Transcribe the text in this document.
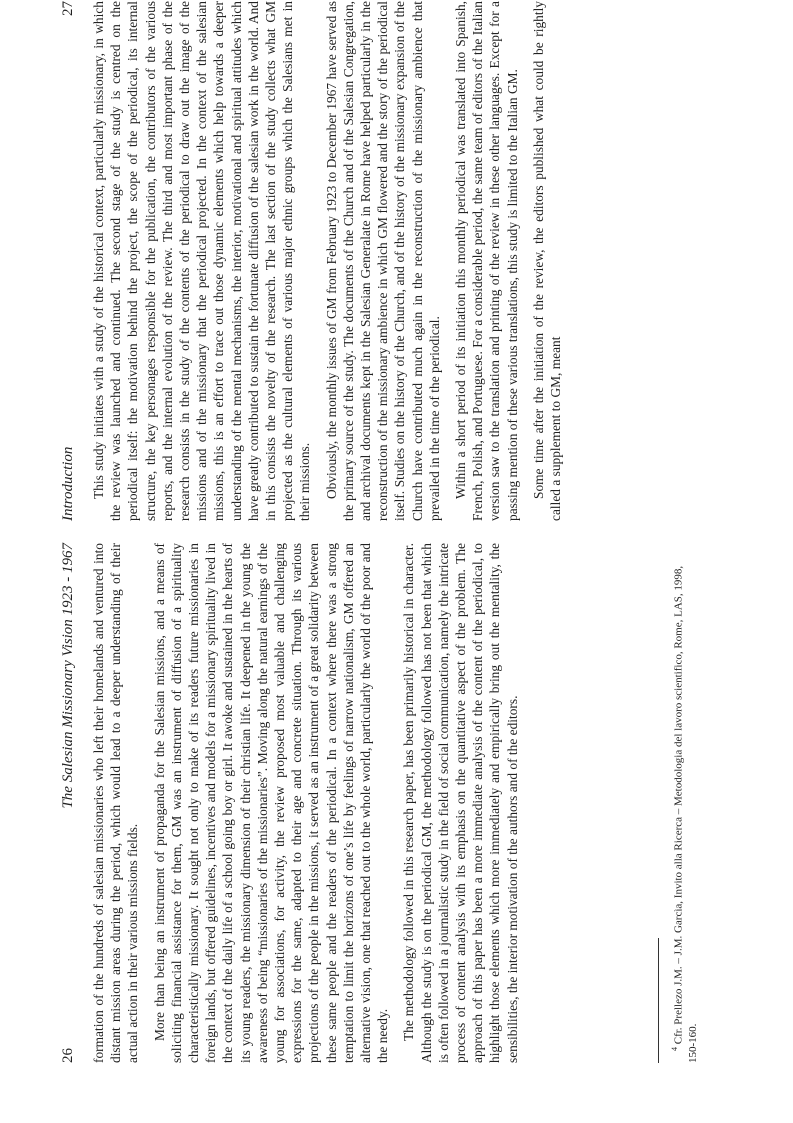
Introduction
27 This study initiates with a study of the historical context, particularly missionary, in which the review was launched and continued. The second stage of the study is centred on the periodical itself: the motivation behind the project, the scope of the periodical, its internal structure, the key personages responsible for the publication, the contributors of the various reports, and the internal evolution of the review. The third and most important phase of the research consists in the study of the contents of the periodical to draw out the image of the missions and of the missionary that the periodical projected. In the context of the salesian missions, this is an effort to trace out those dynamic elements which help towards a deeper understanding of the mental mechanisms, the interior, motivational and spiritual attitudes which have greatly contributed to sustain the fortunate diffusion of the salesian work in the world. And in this consists the novelty of the research. The last section of the study collects what GM projected as the cultural elements of various major ethnic groups which the Salesians met in their missions. Obviously, the monthly issues of GM from February 1923 to December 1967 have served as the primary source of the study. The documents of the Church and of the Salesian Congregation, and archival documents kept in the Salesian Generalate in Rome have helped particularly in the reconstruction of the missionary ambience in which GM flowered and the story of the periodical itself. Studies on the history of the Church, and of the history of the missionary expansion of the Church have contributed much again in the reconstruction of the missionary ambience that prevailed in the time of the periodical. Within a short period of its initiation this monthly periodical was translated into Spanish, French, Polish, and Portuguese. For a considerable period, the same team of editors of the Italian version saw to the translation and printing of the review in these other languages. Except for a passing mention of these various translations, this study is limited to the Italian GM. Some time after the initiation of the review, the editors published what could be rightly called a supplement to GM, meant

26
The Salesian Missionary Vision 1923 - 1967 formation of the hundreds of salesian missionaries who left their homelands and ventured into distant mission areas during the period, which would lead to a deeper understanding of their actual action in their various missions fields. More than being an instrument of propaganda for the Salesian missions, and a means of soliciting financial assistance for them, GM was an instrument of diffusion of a spirituality characteristically missionary. It sought not only to make of its readers future missionaries in foreign lands, but offered guidelines, incentives and models for a missionary spirituality lived in the context of the daily life of a school going boy or girl. It awoke and sustained in the hearts of its young readers, the missionary dimension of their christian life. It deepened in the young the awareness of being “missionaries of the missionaries”. Moving along the natural earnings of the young for associations, for activity, the review proposed most valuable and challenging expressions for the same, adapted to their age and concrete situation. Through its various projections of the people in the missions, it served as an instrument of a great solidarity between these same people and the readers of the periodical. In a context where there was a strong temptation to limit the horizons of one’s life by feelings of narrow nationalism, GM offered an alternative vision, one that reached out to the whole world, particularly the world of the poor and the needy. The methodology followed in this research paper, has been primarily historical in character. Although the study is on the periodical GM, the methodology followed has not been that which is often followed in a journalistic study in the field of social communication, namely the intricate process of content analysis with its emphasis on the quantitative aspect of the problem. The approach of this paper has been a more immediate analysis of the content of the periodical, to highlight those elements which more immediately and empirically bring out the mentality, the sensibilities, the interior motivation of the authors and of the editors.	$^4$ Cfr. Prellezo J.M. – J.M. Garcìa, Invito alla Ricerca – Metodologia del lavoro scientifico, Rome, LAS, 1998, 150-160.
